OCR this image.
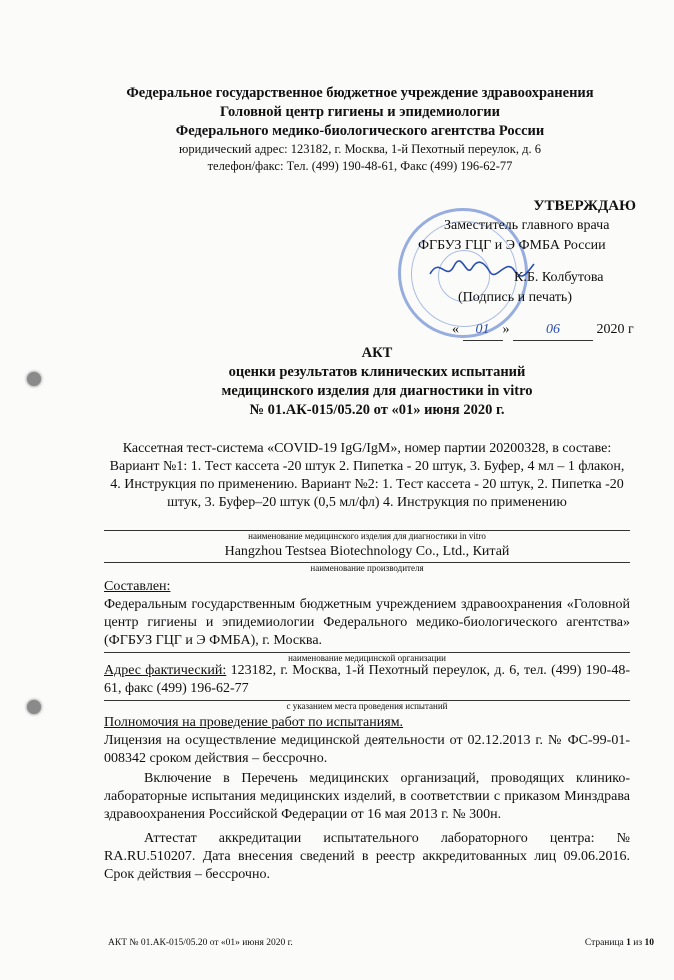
Федеральное государственное бюджетное учреждение здравоохранения
Головной центр гигиены и эпидемиологии
Федерального медико-биологического агентства России
юридический адрес: 123182, г. Москва, 1-й Пехотный переулок, д. 6
телефон/факс: Тел. (499) 190-48-61, Факс (499) 196-62-77
УТВЕРЖДАЮ
Заместитель главного врача
ФГБУЗ ГЦГ и Э ФМБА России
К.Б. Колбутова
(Подпись и печать)
« 01 »	06	2020 г
АКТ
оценки результатов клинических испытаний
медицинского изделия для диагностики in vitro
№ 01.АК-015/05.20 от «01» июня 2020 г.
Кассетная тест-система «COVID-19 IgG/IgM», номер партии 20200328, в составе: Вариант №1: 1. Тест кассета -20 штук 2. Пипетка - 20 штук, 3. Буфер, 4 мл – 1 флакон, 4. Инструкция по применению. Вариант №2: 1. Тест кассета - 20 штук, 2. Пипетка -20 штук, 3. Буфер–20 штук (0,5 мл/фл) 4. Инструкция по применению
наименование медицинского изделия для диагностики in vitro
Hangzhou Testsea Biotechnology Co., Ltd., Китай
наименование производителя
Составлен:
Федеральным государственным бюджетным учреждением здравоохранения «Головной центр гигиены и эпидемиологии Федерального медико-биологического агентства» (ФГБУЗ ГЦГ и Э ФМБА), г. Москва.
наименование медицинской организации
Адрес фактический: 123182, г. Москва, 1-й Пехотный переулок, д. 6, тел. (499) 190-48-61, факс (499) 196-62-77
с указанием места проведения испытаний
Полномочия на проведение работ по испытаниям.
Лицензия на осуществление медицинской деятельности от 02.12.2013 г. № ФС-99-01-008342 сроком действия – бессрочно.
Включение в Перечень медицинских организаций, проводящих клинико-лабораторные испытания медицинских изделий, в соответствии с приказом Минздрава здравоохранения Российской Федерации от 16 мая 2013 г. № 300н.
Аттестат аккредитации испытательного лабораторного центра: № RA.RU.510207. Дата внесения сведений в реестр аккредитованных лиц 09.06.2016. Срок действия – бессрочно.
АКТ № 01.АК-015/05.20 от «01» июня 2020 г.	Страница 1 из 10
